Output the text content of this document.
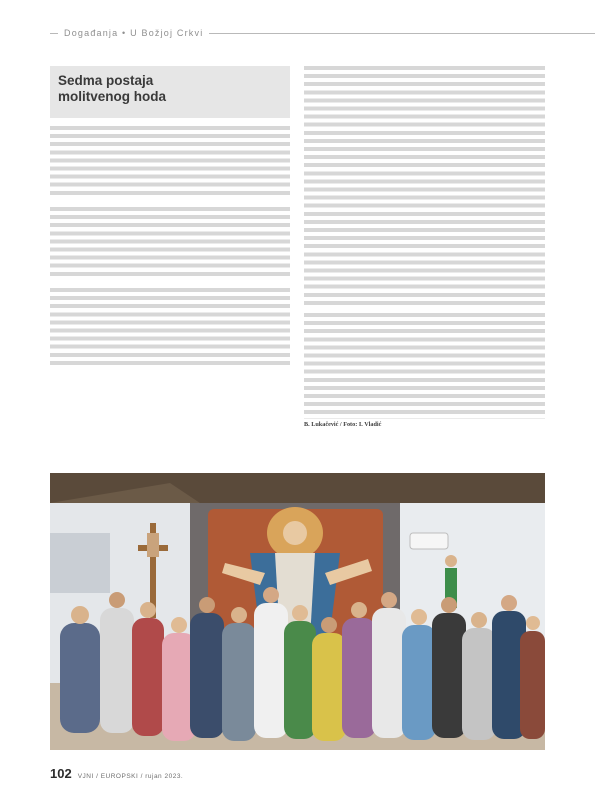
Događanja • U Božjoj Crkvi
Sedma postaja
molitvenog hoda

B. Lukačević / Foto: I. Vladić

102 VJNI / EUROPSKI / rujan 2023.
